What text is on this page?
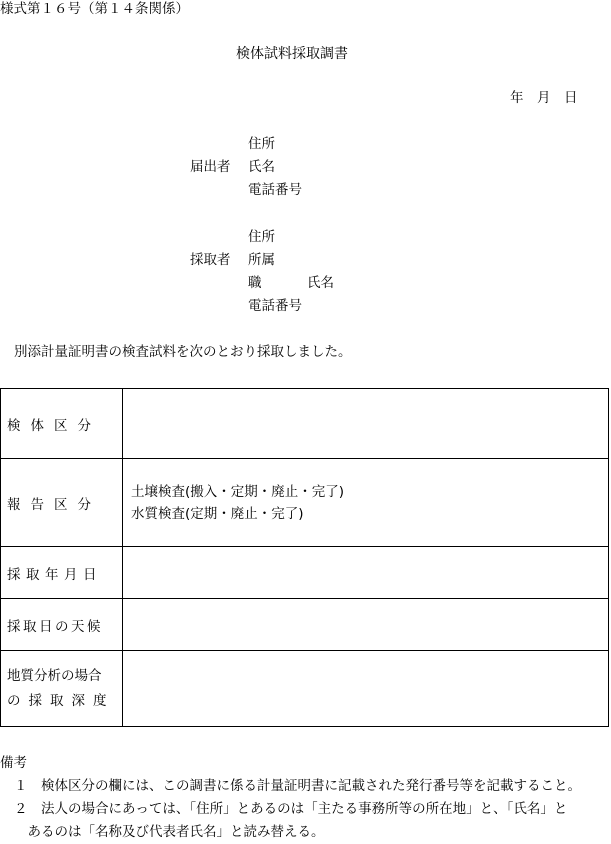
様式第１６号（第１４条関係）
検体試料採取調書
年　月　日
届出者
住所
氏名
電話番号
採取者
住所
所属
職	氏名
電話番号
別添計量証明書の検査試料を次のとおり採取しました。
検体区分	
報告区分	土壌検査(搬入・定期・廃止・完了)
水質検査(定期・廃止・完了)

採取年月日	
採取日の天候	

地質分析の場合
の採取深度	

備考
１　検体区分の欄には、この調書に係る計量証明書に記載された発行番号等を記載すること。
２　法人の場合にあっては、「住所」とあるのは「主たる事務所等の所在地」と、「氏名」と
　あるのは「名称及び代表者氏名」と読み替える。
